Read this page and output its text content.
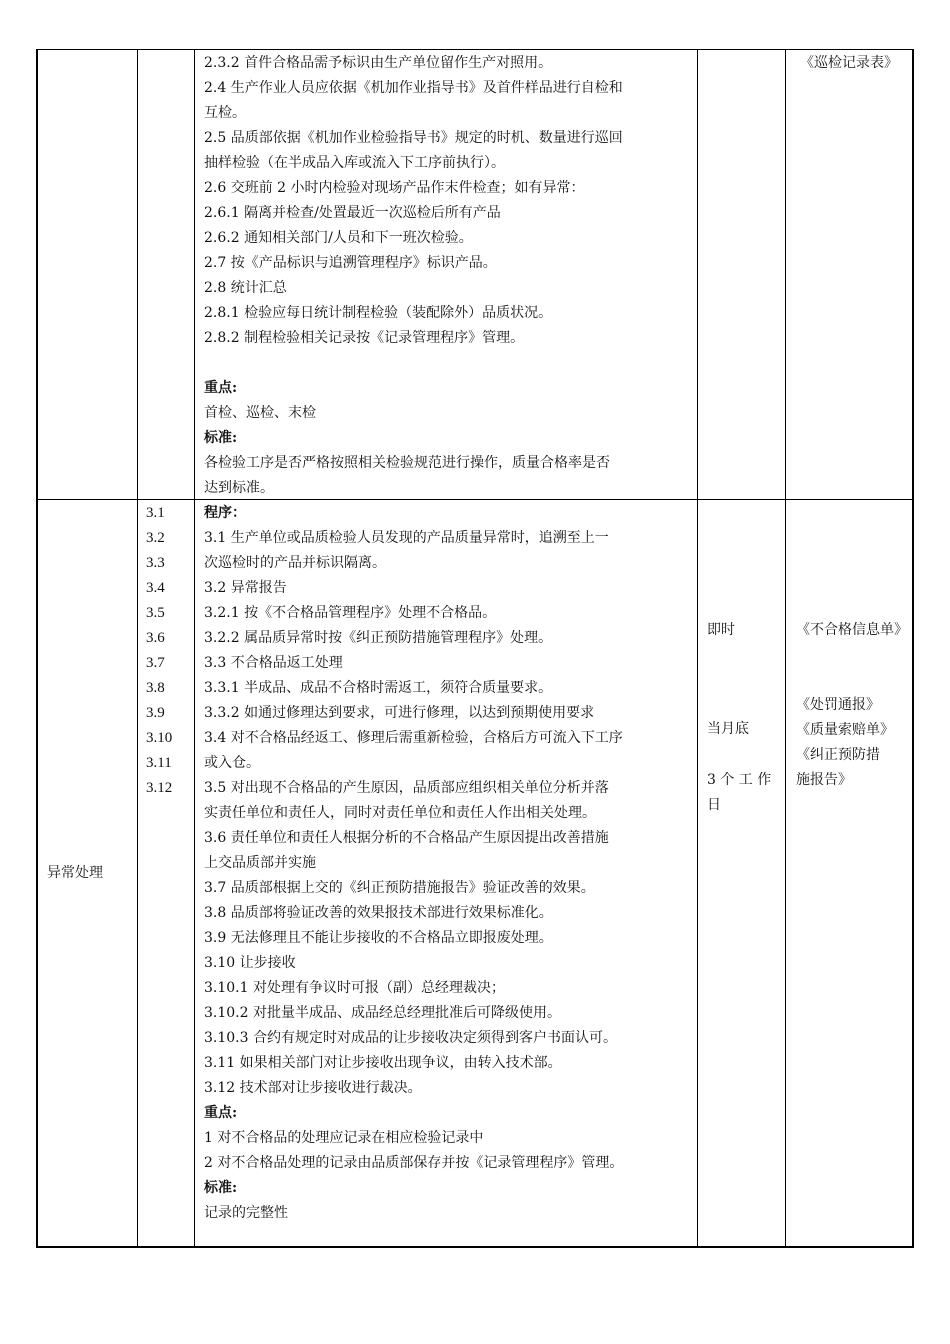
2.3.2 首件合格品需予标识由生产单位留作生产对照用。
2.4 生产作业人员应依据《机加作业指导书》及首件样品进行自检和
互检。
2.5 品质部依据《机加作业检验指导书》规定的时机、数量进行巡回
抽样检验（在半成品入库或流入下工序前执行）。
2.6 交班前 2 小时内检验对现场产品作末件检查；如有异常：
2.6.1 隔离并检查/处置最近一次巡检后所有产品
2.6.2 通知相关部门/人员和下一班次检验。
2.7 按《产品标识与追溯管理程序》标识产品。
2.8 统计汇总
2.8.1 检验应每日统计制程检验（装配除外）品质状况。
2.8.2 制程检验相关记录按《记录管理程序》管理。
重点:
首检、巡检、末检
标准:
各检验工序是否严格按照相关检验规范进行操作，质量合格率是否
达到标准。
《巡检记录表》
异常处理
3.1
3.2
3.3
3.4
3.5
3.6
3.7
3.8
3.9
3.10
3.11
3.12
程序：
3.1 生产单位或品质检验人员发现的产品质量异常时，追溯至上一
次巡检时的产品并标识隔离。
3.2 异常报告
3.2.1 按《不合格品管理程序》处理不合格品。
3.2.2 属品质异常时按《纠正预防措施管理程序》处理。
3.3 不合格品返工处理
3.3.1 半成品、成品不合格时需返工，须符合质量要求。
3.3.2 如通过修理达到要求，可进行修理，以达到预期使用要求
3.4 对不合格品经返工、修理后需重新检验，合格后方可流入下工序
或入仓。
3.5 对出现不合格品的产生原因，品质部应组织相关单位分析并落
实责任单位和责任人，同时对责任单位和责任人作出相关处理。
3.6 责任单位和责任人根据分析的不合格品产生原因提出改善措施
上交品质部并实施
3.7 品质部根据上交的《纠正预防措施报告》验证改善的效果。
3.8 品质部将验证改善的效果报技术部进行效果标准化。
3.9 无法修理且不能让步接收的不合格品立即报废处理。
3.10 让步接收
3.10.1 对处理有争议时可报（副）总经理裁决；
3.10.2 对批量半成品、成品经总经理批准后可降级使用。
3.10.3 合约有规定时对成品的让步接收决定须得到客户书面认可。
3.11 如果相关部门对让步接收出现争议，由转入技术部。
3.12 技术部对让步接收进行裁决。
重点:
1 对不合格品的处理应记录在相应检验记录中
2 对不合格品处理的记录由品质部保存并按《记录管理程序》管理。
标准:
记录的完整性
即时
当月底
3 个 工 作
日
《不合格信息单》
《处罚通报》
《质量索赔单》
《纠正预防措
施报告》
